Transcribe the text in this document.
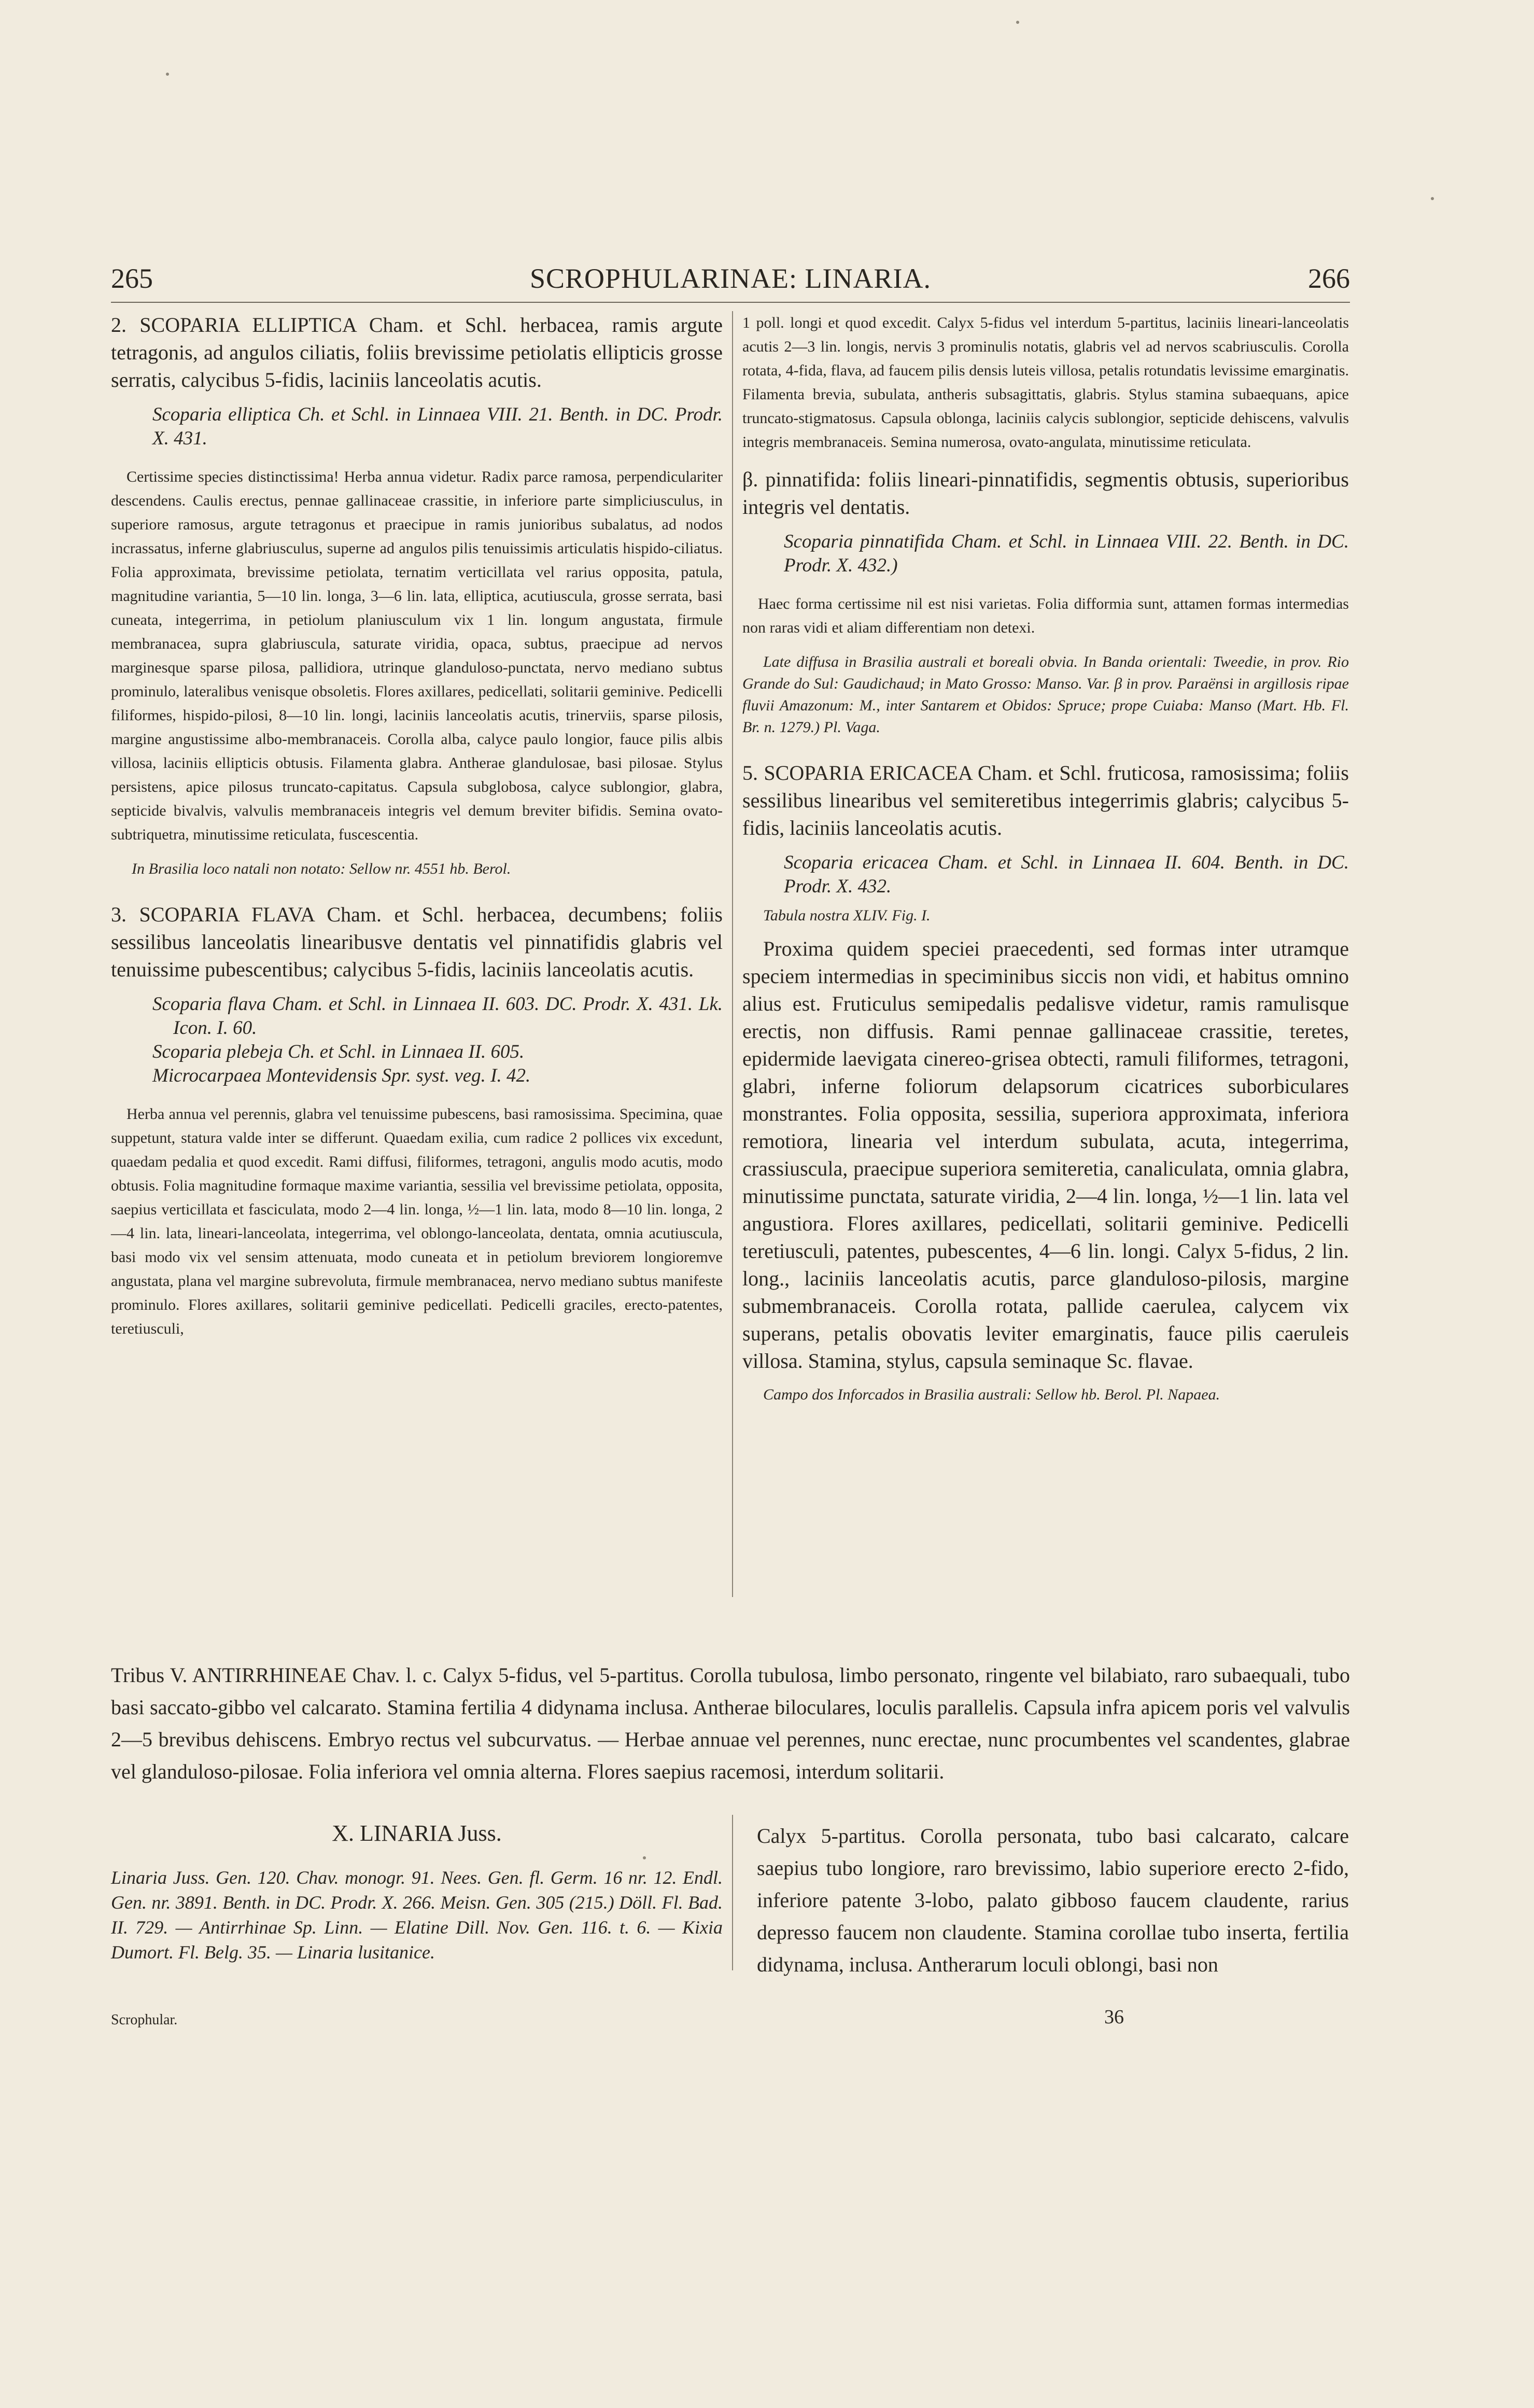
265	SCROPHULARINAE: LINARIA.	266

2. SCOPARIA ELLIPTICA Cham. et Schl. herbacea, ramis argute tetragonis, ad angulos ciliatis, foliis brevissime petiolatis ellipticis grosse serratis, calycibus 5-fidis, laciniis lanceolatis acutis.

Scoparia elliptica Ch. et Schl. in Linnaea VIII. 21. Benth. in DC. Prodr. X. 431.

Certissime species distinctissima! Herba annua videtur. Radix parce ramosa, perpendiculariter descendens. Caulis erectus, pennae gallinaceae crassitie, in inferiore parte simpliciusculus, in superiore ramosus, argute tetragonus et praecipue in ramis junioribus subalatus, ad nodos incrassatus, inferne glabriusculus, superne ad angulos pilis tenuissimis articulatis hispido-ciliatus. Folia approximata, brevissime petiolata, ternatim verticillata vel rarius opposita, patula, magnitudine variantia, 5—10 lin. longa, 3—6 lin. lata, elliptica, acutiuscula, grosse serrata, basi cuneata, integerrima, in petiolum planiusculum vix 1 lin. longum angustata, firmule membranacea, supra glabriuscula, saturate viridia, opaca, subtus, praecipue ad nervos marginesque sparse pilosa, pallidiora, utrinque glanduloso-punctata, nervo mediano subtus prominulo, lateralibus venisque obsoletis. Flores axillares, pedicellati, solitarii geminive. Pedicelli filiformes, hispido-pilosi, 8—10 lin. longi, laciniis lanceolatis acutis, trinerviis, sparse pilosis, margine angustissime albo-membranaceis. Corolla alba, calyce paulo longior, fauce pilis albis villosa, laciniis ellipticis obtusis. Filamenta glabra. Antherae glandulosae, basi pilosae. Stylus persistens, apice pilosus truncato-capitatus. Capsula subglobosa, calyce sublongior, glabra, septicide bivalvis, valvulis membranaceis integris vel demum breviter bifidis. Semina ovato-subtriquetra, minutissime reticulata, fuscescentia.

In Brasilia loco natali non notato: Sellow nr. 4551 hb. Berol.

3. SCOPARIA FLAVA Cham. et Schl. herbacea, decumbens; foliis sessilibus lanceolatis linearibusve dentatis vel pinnatifidis glabris vel tenuissime pubescentibus; calycibus 5-fidis, laciniis lanceolatis acutis.

Scoparia flava Cham. et Schl. in Linnaea II. 603. DC. Prodr. X. 431. Lk. Icon. I. 60.

Scoparia plebeja Ch. et Schl. in Linnaea II. 605.

Microcarpaea Montevidensis Spr. syst. veg. I. 42.

Herba annua vel perennis, glabra vel tenuissime pubescens, basi ramosissima. Specimina, quae suppetunt, statura valde inter se differunt. Quaedam exilia, cum radice 2 pollices vix excedunt, quaedam pedalia et quod excedit. Rami diffusi, filiformes, tetragoni, angulis modo acutis, modo obtusis. Folia magnitudine formaque maxime variantia, sessilia vel brevissime petiolata, opposita, saepius verticillata et fasciculata, modo 2—4 lin. longa, ½—1 lin. lata, modo 8—10 lin. longa, 2—4 lin. lata, lineari-lanceolata, integerrima, vel oblongo-lanceolata, dentata, omnia acutiuscula, basi modo vix vel sensim attenuata, modo cuneata et in petiolum breviorem longioremve angustata, plana vel margine subrevoluta, firmule membranacea, nervo mediano subtus manifeste prominulo. Flores axillares, solitarii geminive pedicellati. Pedicelli graciles, erecto-patentes, teretiusculi,

1 poll. longi et quod excedit. Calyx 5-fidus vel interdum 5-partitus, laciniis lineari-lanceolatis acutis 2—3 lin. longis, nervis 3 prominulis notatis, glabris vel ad nervos scabriusculis. Corolla rotata, 4-fida, flava, ad faucem pilis densis luteis villosa, petalis rotundatis levissime emarginatis. Filamenta brevia, subulata, antheris subsagittatis, glabris. Stylus stamina subaequans, apice truncato-stigmatosus. Capsula oblonga, laciniis calycis sublongior, septicide dehiscens, valvulis integris membranaceis. Semina numerosa, ovato-angulata, minutissime reticulata.

β. pinnatifida: foliis lineari-pinnatifidis, segmentis obtusis, superioribus integris vel dentatis.

Scoparia pinnatifida Cham. et Schl. in Linnaea VIII. 22. Benth. in DC. Prodr. X. 432.)

Haec forma certissime nil est nisi varietas. Folia difformia sunt, attamen formas intermedias non raras vidi et aliam differentiam non detexi.

Late diffusa in Brasilia australi et boreali obvia. In Banda orientali: Tweedie, in prov. Rio Grande do Sul: Gaudichaud; in Mato Grosso: Manso. Var. β in prov. Paraënsi in argillosis ripae fluvii Amazonum: M., inter Santarem et Obidos: Spruce; prope Cuiaba: Manso (Mart. Hb. Fl. Br. n. 1279.) Pl. Vaga.

5. SCOPARIA ERICACEA Cham. et Schl. fruticosa, ramosissima; foliis sessilibus linearibus vel semiteretibus integerrimis glabris; calycibus 5-fidis, laciniis lanceolatis acutis.

Scoparia ericacea Cham. et Schl. in Linnaea II. 604. Benth. in DC. Prodr. X. 432.

Tabula nostra XLIV. Fig. I.

Proxima quidem speciei praecedenti, sed formas inter utramque speciem intermedias in speciminibus siccis non vidi, et habitus omnino alius est. Fruticulus semipedalis pedalisve videtur, ramis ramulisque erectis, non diffusis. Rami pennae gallinaceae crassitie, teretes, epidermide laevigata cinereo-grisea obtecti, ramuli filiformes, tetragoni, glabri, inferne foliorum delapsorum cicatrices suborbiculares monstrantes. Folia opposita, sessilia, superiora approximata, inferiora remotiora, linearia vel interdum subulata, acuta, integerrima, crassiuscula, praecipue superiora semiteretia, canaliculata, omnia glabra, minutissime punctata, saturate viridia, 2—4 lin. longa, ½—1 lin. lata vel angustiora. Flores axillares, pedicellati, solitarii geminive. Pedicelli teretiusculi, patentes, pubescentes, 4—6 lin. longi. Calyx 5-fidus, 2 lin. long., laciniis lanceolatis acutis, parce glanduloso-pilosis, margine submembranaceis. Corolla rotata, pallide caerulea, calycem vix superans, petalis obovatis leviter emarginatis, fauce pilis caeruleis villosa. Stamina, stylus, capsula seminaque Sc. flavae.

Campo dos Inforcados in Brasilia australi: Sellow hb. Berol. Pl. Napaea.

Tribus V. ANTIRRHINEAE Chav. l. c. Calyx 5-fidus, vel 5-partitus. Corolla tubulosa, limbo personato, ringente vel bilabiato, raro subaequali, tubo basi saccato-gibbo vel calcarato. Stamina fertilia 4 didynama inclusa. Antherae biloculares, loculis parallelis. Capsula infra apicem poris vel valvulis 2—5 brevibus dehiscens. Embryo rectus vel subcurvatus. — Herbae annuae vel perennes, nunc erectae, nunc procumbentes vel scandentes, glabrae vel glanduloso-pilosae. Folia inferiora vel omnia alterna. Flores saepius racemosi, interdum solitarii.

X. LINARIA Juss.

Linaria Juss. Gen. 120. Chav. monogr. 91. Nees. Gen. fl. Germ. 16 nr. 12. Endl. Gen. nr. 3891. Benth. in DC. Prodr. X. 266. Meisn. Gen. 305 (215.) Döll. Fl. Bad. II. 729. — Antirrhinae Sp. Linn. — Elatine Dill. Nov. Gen. 116. t. 6. — Kixia Dumort. Fl. Belg. 35. — Linaria lusitanice.

Calyx 5-partitus. Corolla personata, tubo basi calcarato, calcare saepius tubo longiore, raro brevissimo, labio superiore erecto 2-fido, inferiore patente 3-lobo, palato gibboso faucem claudente, rarius depresso faucem non claudente. Stamina corollae tubo inserta, fertilia didynama, inclusa. Antherarum loculi oblongi, basi non

Scrophular.	36
